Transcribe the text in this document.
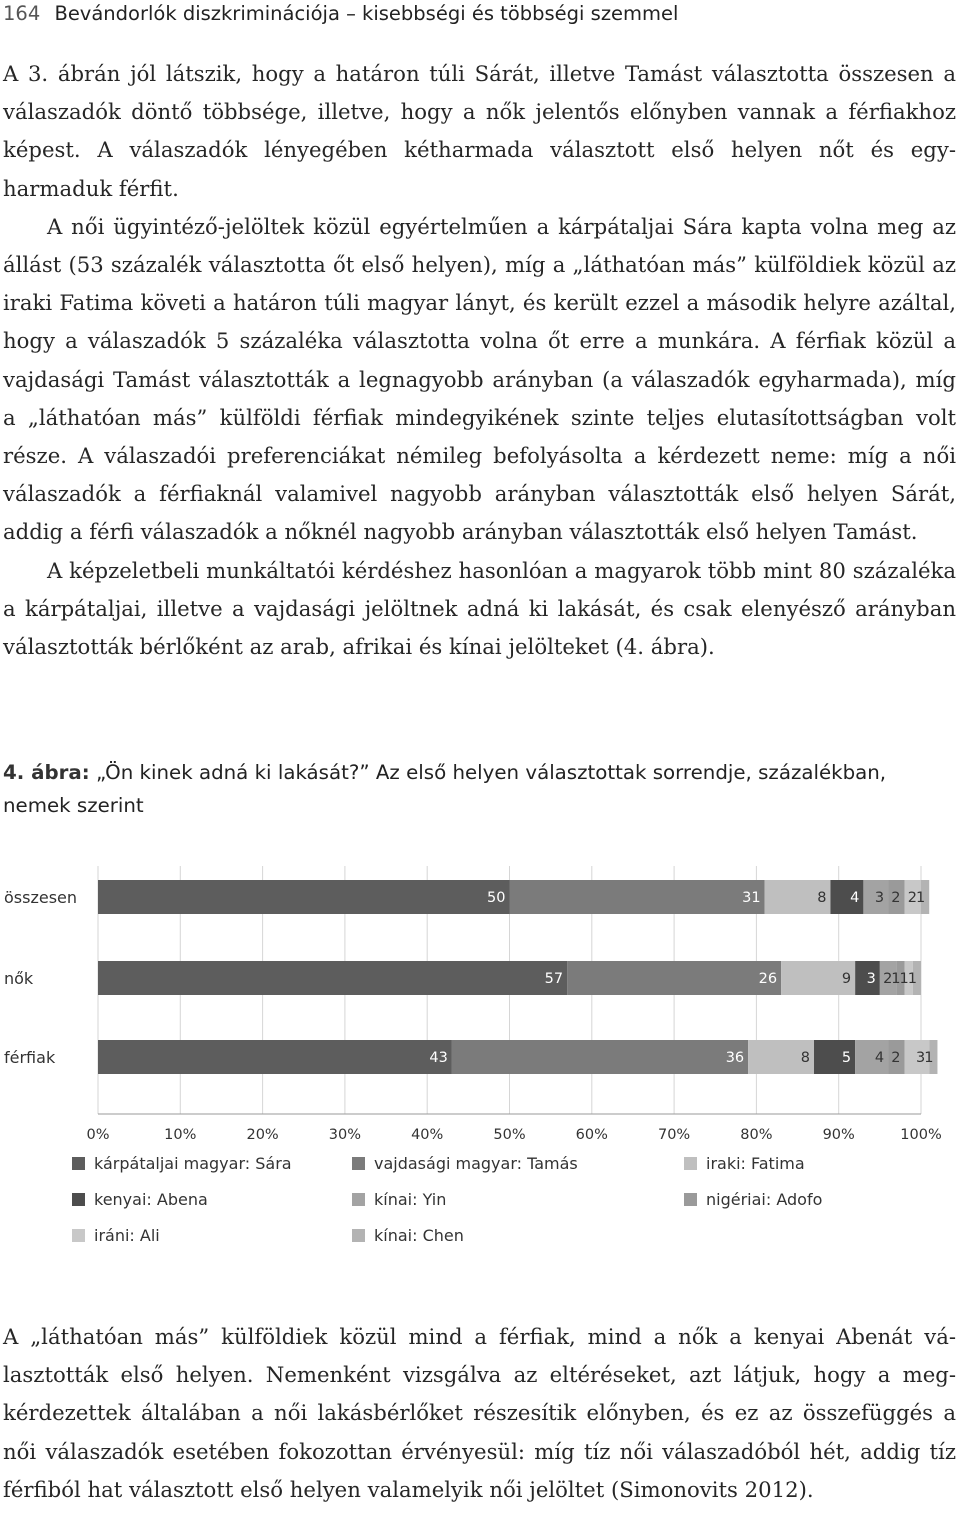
164 Bevándorlók diszkriminációja – kisebbségi és többségi szemmel

A 3. ábrán jól látszik, hogy a határon túli Sárát, illetve Tamást választotta összesen a válaszadók döntő többsége, illetve, hogy a nők jelentős előnyben vannak a férfiakhoz képest. A válaszadók lényegében kétharmada választott első helyen nőt és egyharmaduk férfit.

A női ügyintéző-jelöltek közül egyértelműen a kárpátaljai Sára kapta volna meg az állást (53 százalék választotta őt első helyen), míg a „láthatóan más” külföldiek közül az iraki Fatima követi a határon túli magyar lányt, és került ezzel a második helyre azáltal, hogy a válaszadók 5 százaléka választotta volna őt erre a munkára. A férfiak közül a vajdasági Tamást választották a legnagyobb arányban (a válaszadók egyharmada), míg a „láthatóan más” külföldi férfiak mindegyikének szinte teljes elutasítottságban volt része. A válaszadói preferenciákat némileg befolyásolta a kérdezett neme: míg a női válaszadók a férfiaknál valamivel nagyobb arányban választották első helyen Sárát, addig a férfi válaszadók a nőknél nagyobb arányban választották első helyen Tamást.

A képzeletbeli munkáltatói kérdéshez hasonlóan a magyarok több mint 80 százaléka a kárpátaljai, illetve a vajdasági jelöltnek adná ki lakását, és csak elenyésző arányban választották bérlőként az arab, afrikai és kínai jelölteket (4. ábra).

4. ábra: „Ön kinek adná ki lakását?” Az első helyen választottak sorrendje, százalékban, nemek szerint
összesen	50	31	8 4 3 2 2
1
nők	57	26	9 3 2
1
1
1
férfiak	43	36	8 5 4 2 3
1
0%	10%	20%	30%	40%	50%	60%	70%	80%	90%	100%
kárpátaljai magyar: Sára	vajdasági magyar: Tamás	iraki: Fatima
kenyai: Abena	kínai: Yin	nigériai: Adofo
iráni: Ali	kínai: Chen

A „láthatóan más” külföldiek közül mind a férfiak, mind a nők a kenyai Abenát választották első helyen. Nemenként vizsgálva az eltéréseket, azt látjuk, hogy a megkérdezettek általában a női lakásbérlőket részesítik előnyben, és ez az összefüggés a női válaszadók esetében fokozottan érvényesül: míg tíz női válaszadóból hét, addig tíz férfiból hat választott első helyen valamelyik női jelöltet (Simonovits 2012).
